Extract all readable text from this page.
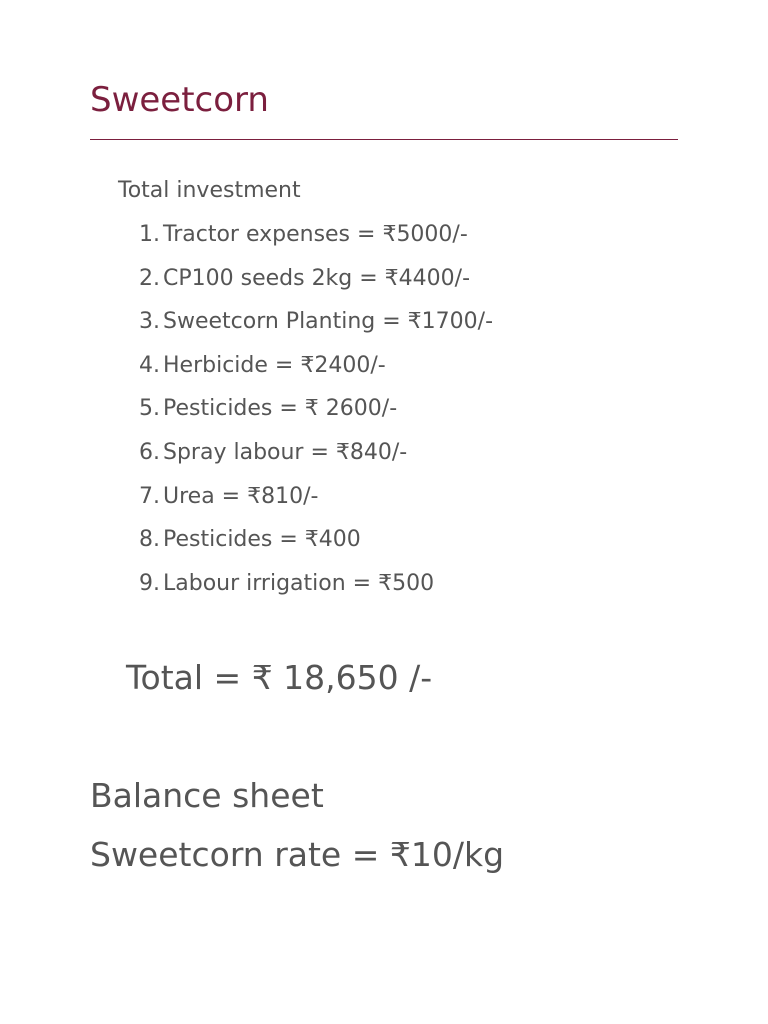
Sweetcorn
Total investment
1. Tractor expenses = ₹5000/-
2. CP100 seeds 2kg = ₹4400/-
3. Sweetcorn Planting = ₹1700/-
4. Herbicide = ₹2400/-
5. Pesticides = ₹ 2600/-
6. Spray labour = ₹840/-
7. Urea = ₹810/-
8. Pesticides = ₹400
9. Labour irrigation = ₹500
Total = ₹ 18,650 /-
Balance sheet
Sweetcorn rate = ₹10/kg
